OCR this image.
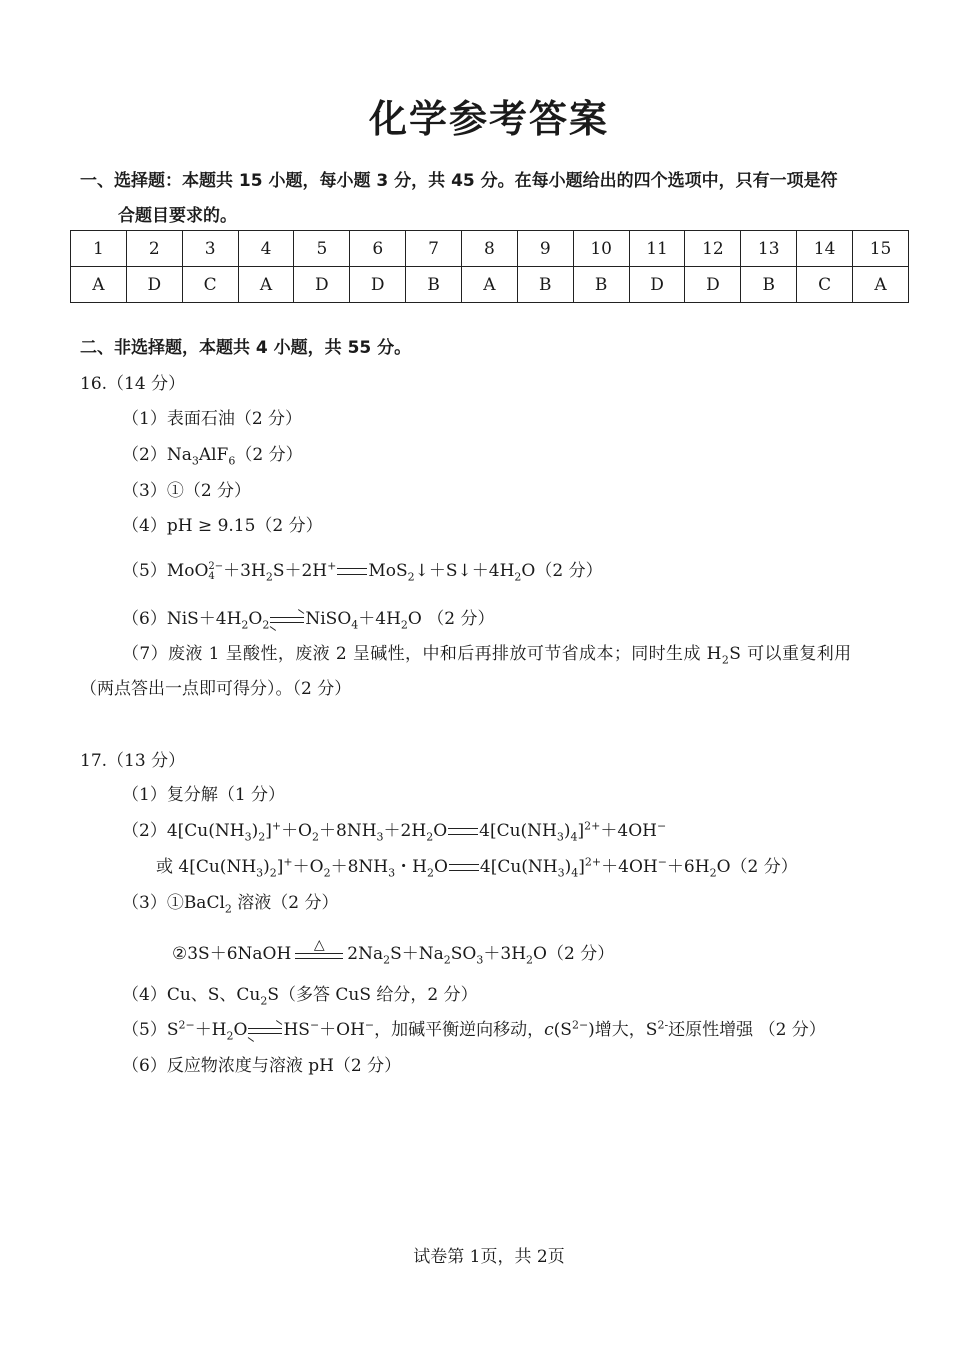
化学参考答案
一、选择题：本题共 15 小题，每小题 3 分，共 45 分。在每小题给出的四个选项中，只有一项是符
合题目要求的。
1	2	3	4	5	6	7	8	9	10	11	12	13	14	15
A	D	C	A	D	D	B	A	B	B	D	D	B	C	A
二、非选择题，本题共 4 小题，共 55 分。
16.（14 分）
（1）表面石油（2 分）
$(2)Na_3AlF_6(2$ 分）
（3）①（2 分）
（4）pH ≥ 9.15（2 分）
（5）MoO2−
$4 +3H_2S+2H^+$ $MoS_2↓+S↓+4H_2O(2$ 分）
$(6)NiS+4H_2O_2\rightleftharpoons NiSO_4+4H_2O$ （2 分）
（7）废液 1 呈酸性，废液 2 呈碱性，中和后再排放可节省成本；同时生成 $H_2S$ 可以重复利用
（两点答出一点即可得分）。（2 分）
17.（13 分）
（1）复分解（1 分）
$(2)4[Cu(NH_3)_2]^++O_2+8NH_3+2H_2O$ $4[Cu(NH_3)_4]^{2+}+4OH^-$
或 $4[Cu(NH_3)_2]^++O_2+8NH_3$・$H_2O$ $4[Cu(NH_3)_4]^{2+}+4OH^-+6H_2O(2$ 分）
（3）①BaCl$_2$ 溶液（2 分）
②3S＋6NaOH	△	$2Na_2S+Na_2SO_3+3H_2O(2$ 分）
（4）Cu、S、$Cu_2S$（多答 CuS 给分，2 分）
$(5)S^{2-}+H_2O\rightleftharpoons HS^-+OH^-$，加碱平衡逆向移动，$c(S^{2-})$增大，$S^{2-}$还原性增强 （2 分）
（6）反应物浓度与溶液 pH（2 分）
试卷第 1页，共 2页
